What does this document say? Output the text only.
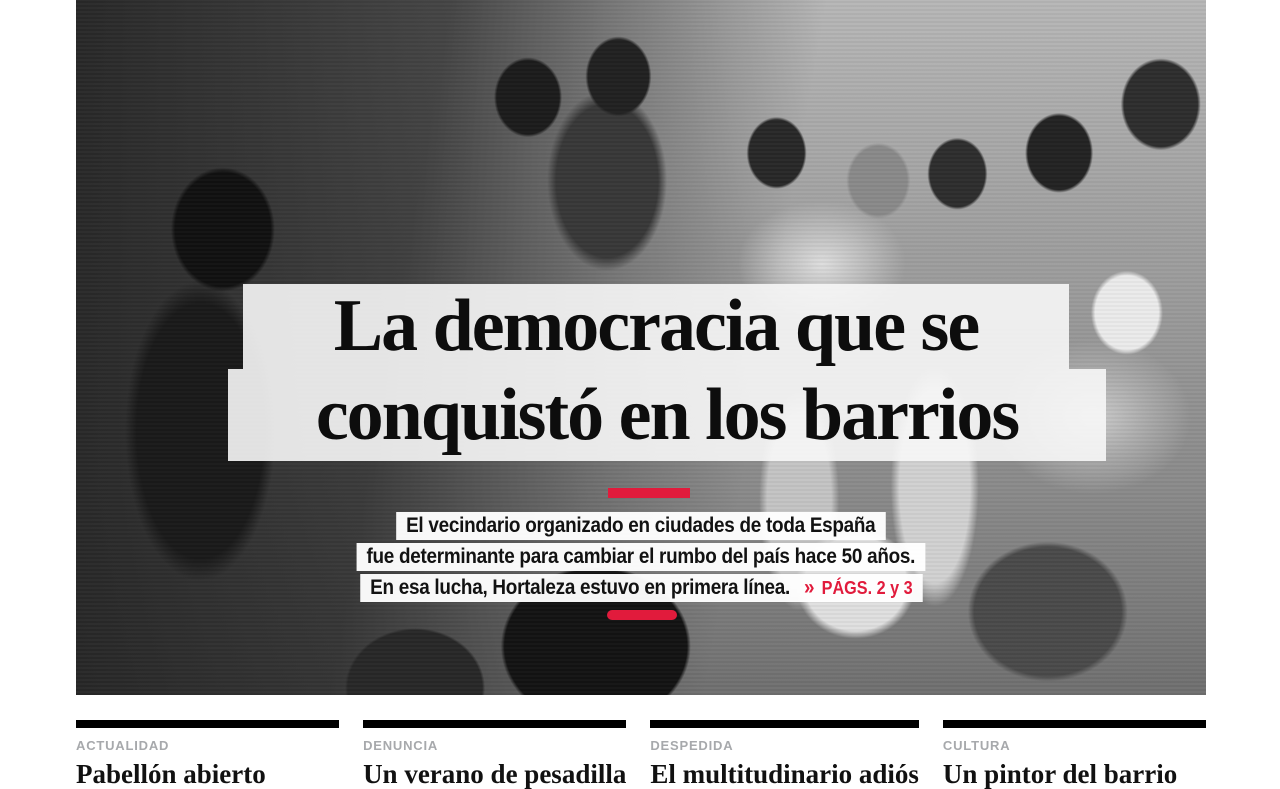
La democracia que se
conquistó en los barrios
El vecindario organizado en ciudades de toda España
fue determinante para cambiar el rumbo del país hace 50 años.
En esa lucha, Hortaleza estuvo en primera línea. » PÁGS. 2 y 3
ACTUALIDAD
Pabellón abierto
DENUNCIA
Un verano de pesadilla
DESPEDIDA
El multitudinario adiós
CULTURA
Un pintor del barrio
